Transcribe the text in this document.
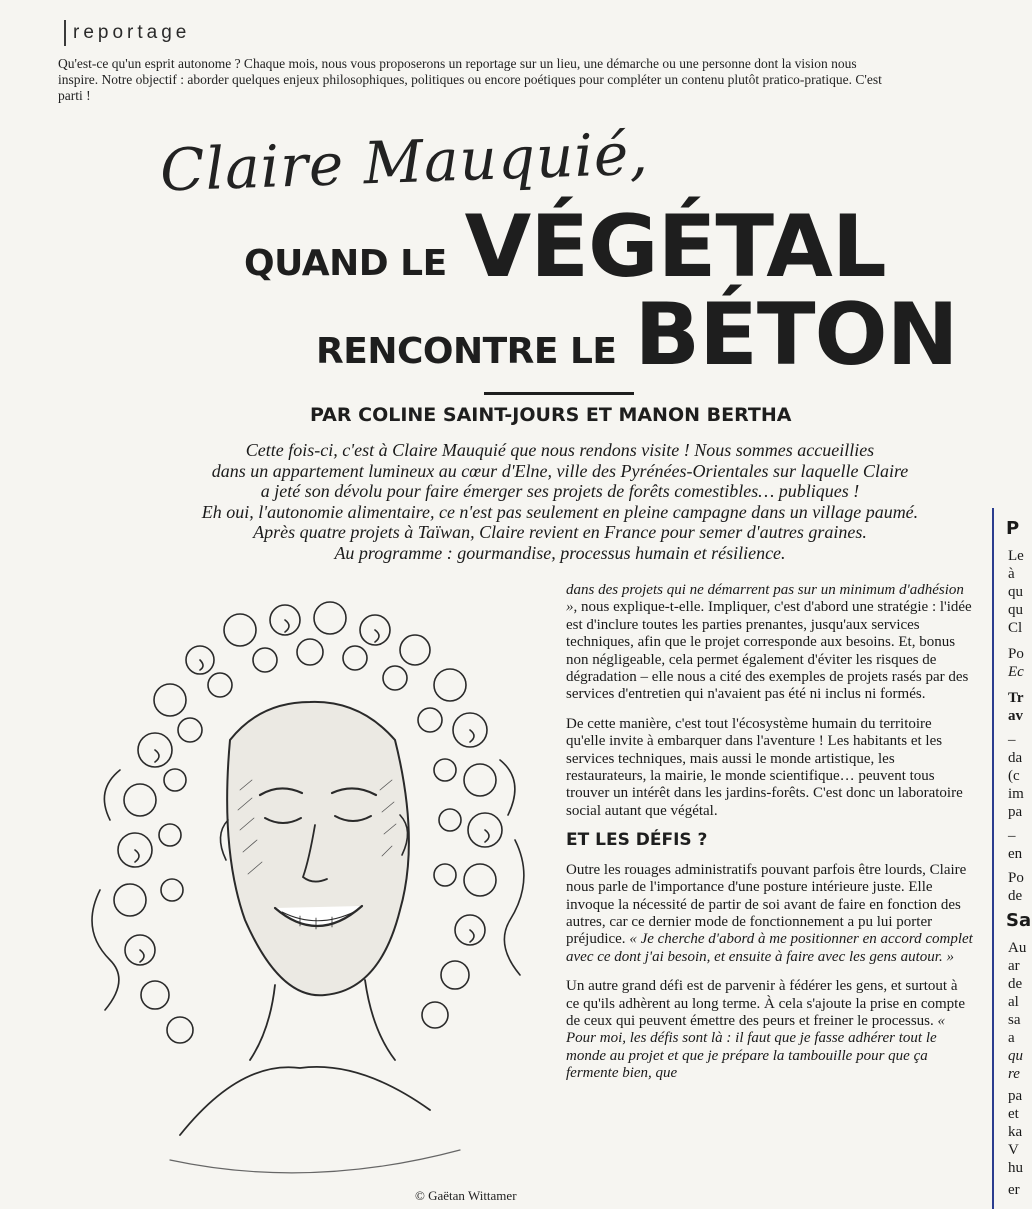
reportage

Qu'est-ce qu'un esprit autonome ? Chaque mois, nous vous proposerons un reportage sur un lieu, une démarche ou une personne dont la vision nous inspire. Notre objectif : aborder quelques enjeux philosophiques, politiques ou encore poétiques pour compléter un contenu plutôt pratico-pratique. C'est parti !

Claire Mauquié,
QUAND LE VÉGÉTAL
RENCONTRE LE BÉTON
PAR COLINE SAINT-JOURS ET MANON BERTHA
Cette fois-ci, c'est à Claire Mauquié que nous rendons visite ! Nous sommes accueillies
dans un appartement lumineux au cœur d'Elne, ville des Pyrénées-Orientales sur laquelle Claire
a jeté son dévolu pour faire émerger ses projets de forêts comestibles… publiques !
Eh oui, l'autonomie alimentaire, ce n'est pas seulement en pleine campagne dans un village paumé.
Après quatre projets à Taïwan, Claire revient en France pour semer d'autres graines.
Au programme : gourmandise, processus humain et résilience.
© Gaëtan Wittamer

dans des projets qui ne démarrent pas sur un minimum d'adhésion », nous explique-t-elle. Impliquer, c'est d'abord une stratégie : l'idée est d'inclure toutes les parties prenantes, jusqu'aux services techniques, afin que le projet corresponde aux besoins. Et, bonus non négligeable, cela permet également d'éviter les risques de dégradation – elle nous a cité des exemples de projets rasés par des services d'entretien qui n'avaient pas été ni inclus ni formés.

De cette manière, c'est tout l'écosystème humain du territoire qu'elle invite à embarquer dans l'aventure ! Les habitants et les services techniques, mais aussi le monde artistique, les restaurateurs, la mairie, le monde scientifique… peuvent tous trouver un intérêt dans les jardins-forêts. C'est donc un laboratoire social autant que végétal.

ET LES DÉFIS ?

Outre les rouages administratifs pouvant parfois être lourds, Claire nous parle de l'importance d'une posture intérieure juste. Elle invoque la nécessité de partir de soi avant de faire en fonction des autres, car ce dernier mode de fonctionnement a pu lui porter préjudice. « Je cherche d'abord à me positionner en accord complet avec ce dont j'ai besoin, et ensuite à faire avec les gens autour. »

Un autre grand défi est de parvenir à fédérer les gens, et surtout à ce qu'ils adhèrent au long terme. À cela s'ajoute la prise en compte de ceux qui peuvent émettre des peurs et freiner le processus. « Pour moi, les défis sont là : il faut que je fasse adhérer tout le monde au projet et que je prépare la tambouille pour que ça fermente bien, que

P
Le
à
qu
qu
Cl
Po
Ec
Tr
av
–
da
(c
im
pa
–
en
Po
de
Sa
Au
ar
de
al
sa
a
qu
re
pa
et
ka
V
hu
er
